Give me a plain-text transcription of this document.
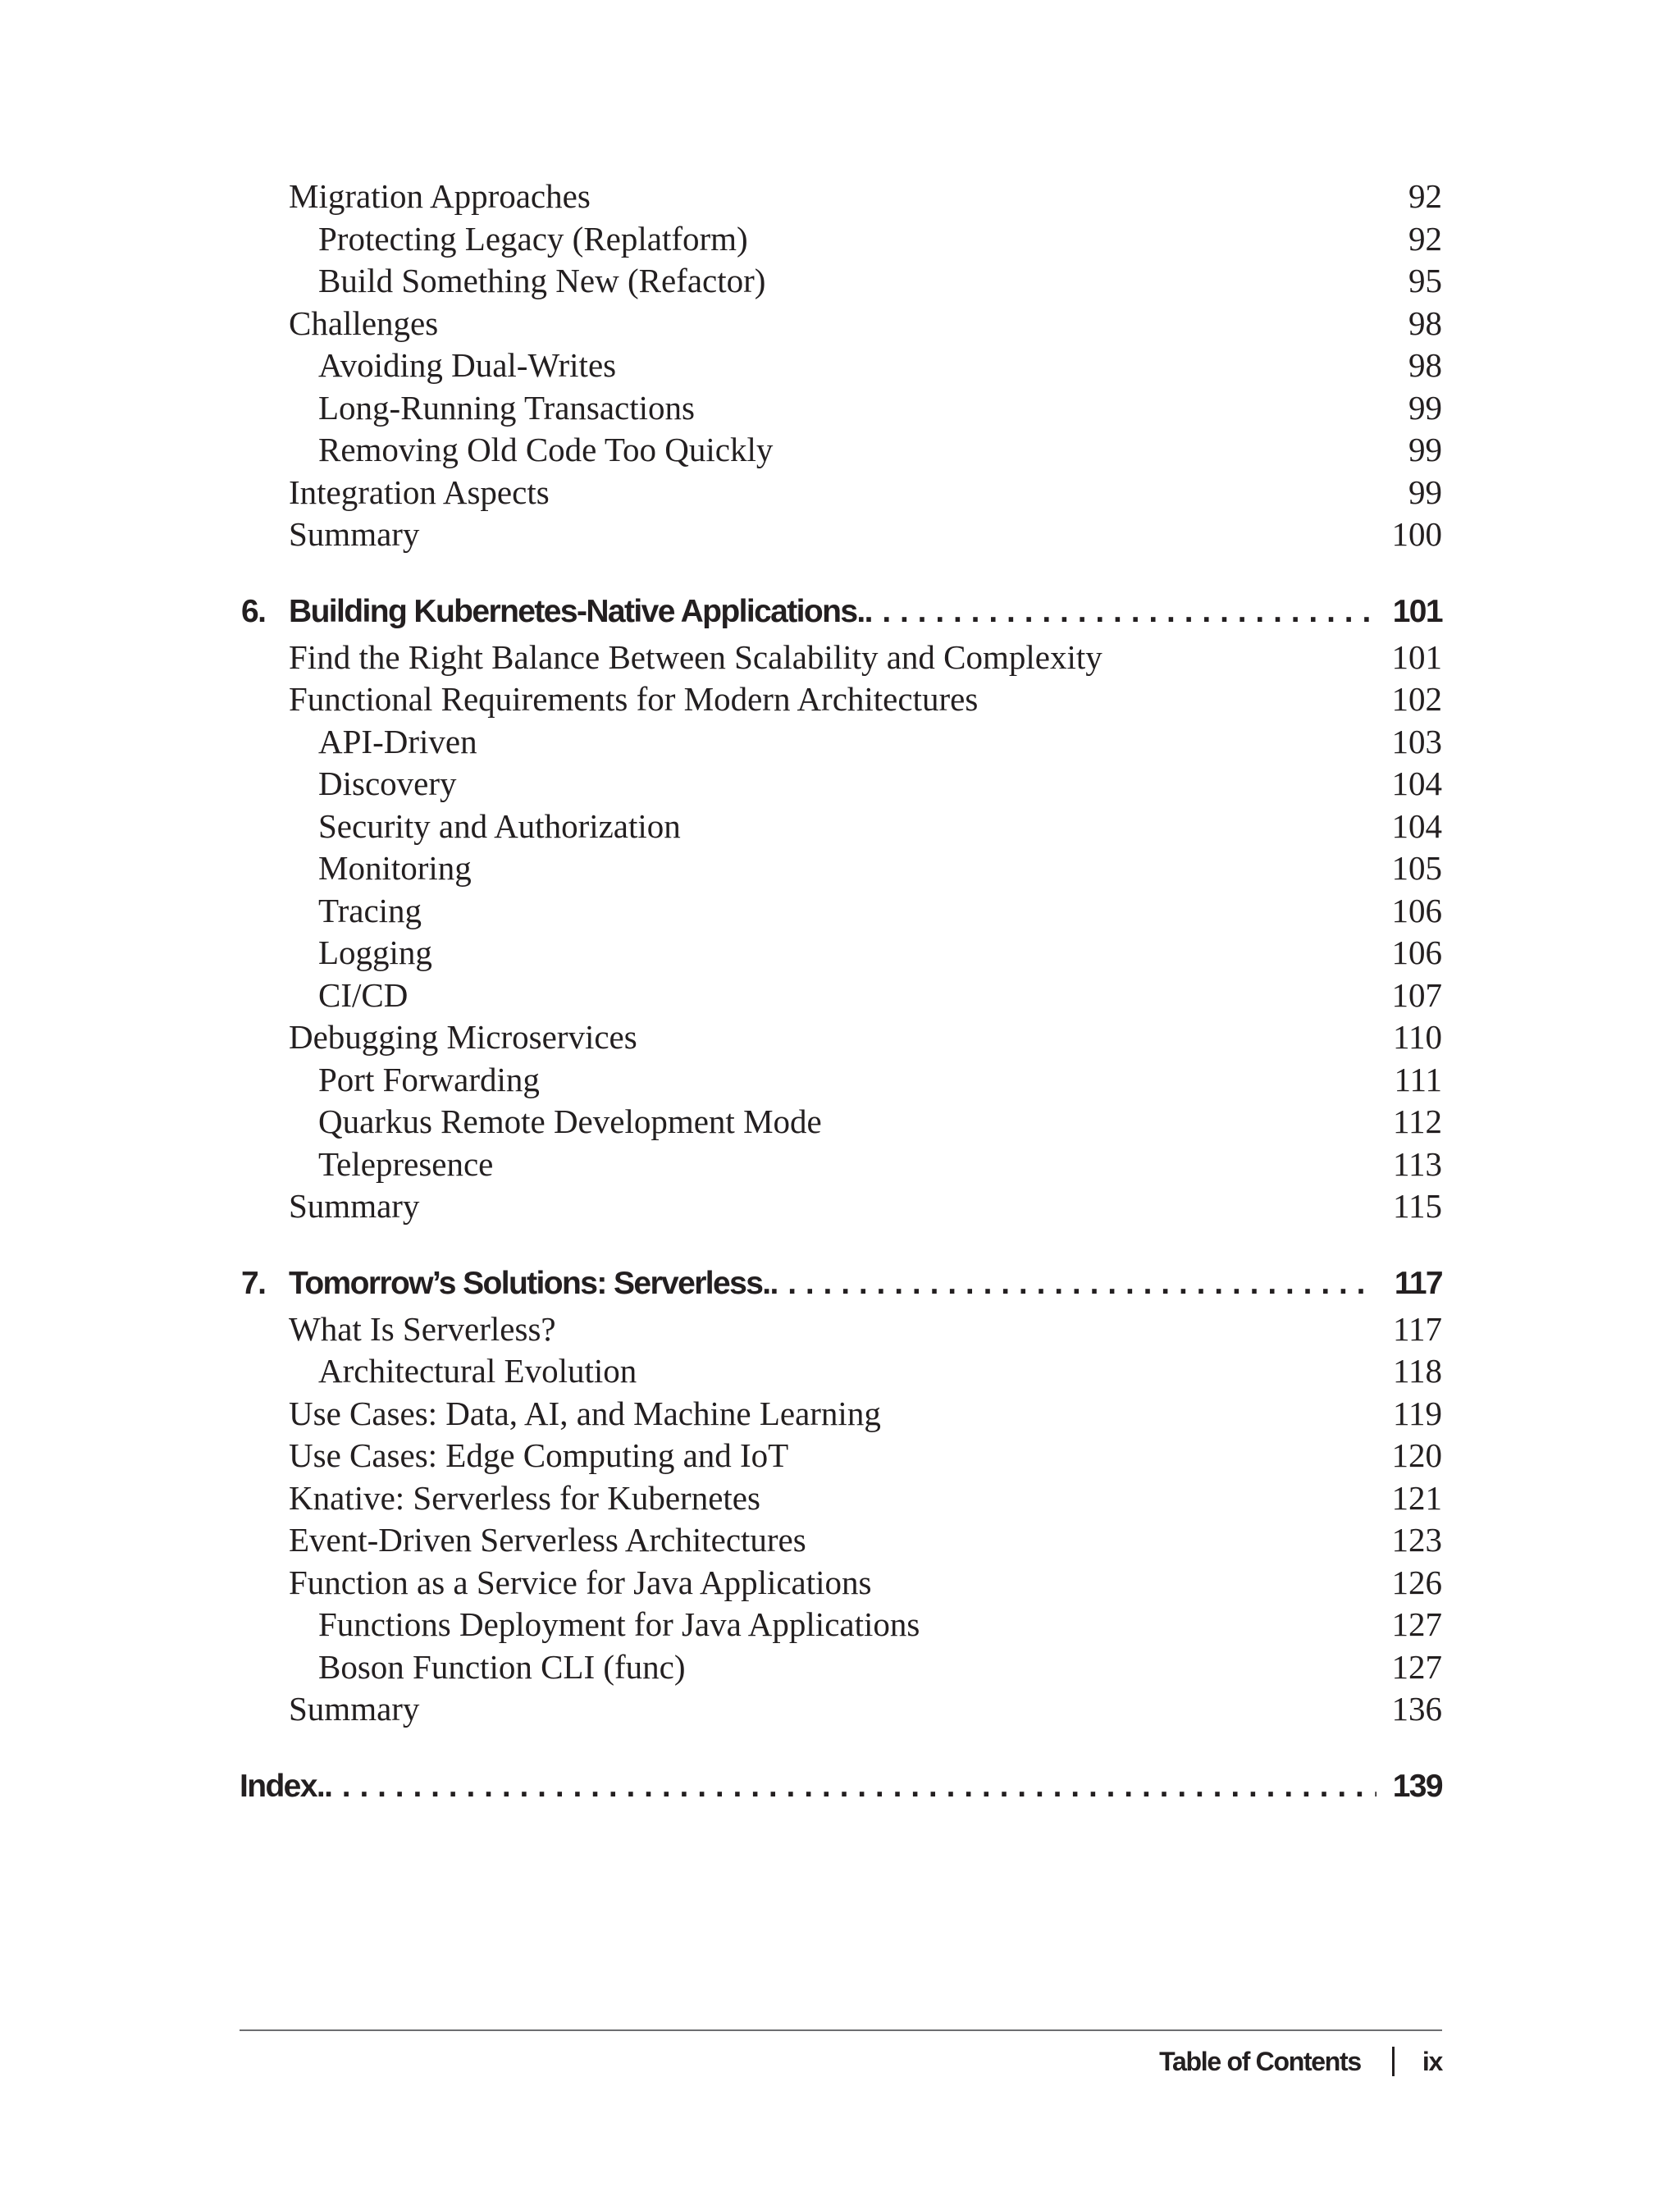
Migration Approaches	92
Protecting Legacy (Replatform)	92
Build Something New (Refactor)	95
Challenges	98
Avoiding Dual-Writes	98
Long-Running Transactions	99
Removing Old Code Too Quickly	99
Integration Aspects	99
Summary	100
6. Building Kubernetes-Native Applications. . . .	101
Find the Right Balance Between Scalability and Complexity	101
Functional Requirements for Modern Architectures	102
API-Driven	103
Discovery	104
Security and Authorization	104
Monitoring	105
Tracing	106
Logging	106
CI/CD	107
Debugging Microservices	110
Port Forwarding	111
Quarkus Remote Development Mode	112
Telepresence	113
Summary	115
7. Tomorrow’s Solutions: Serverless. . . .	117
What Is Serverless?	117
Architectural Evolution	118
Use Cases: Data, AI, and Machine Learning	119
Use Cases: Edge Computing and IoT	120
Knative: Serverless for Kubernetes	121
Event-Driven Serverless Architectures	123
Function as a Service for Java Applications	126
Functions Deployment for Java Applications	127
Boson Function CLI (func)	127
Summary	136
Index. . . .	139
Table of Contents ix
